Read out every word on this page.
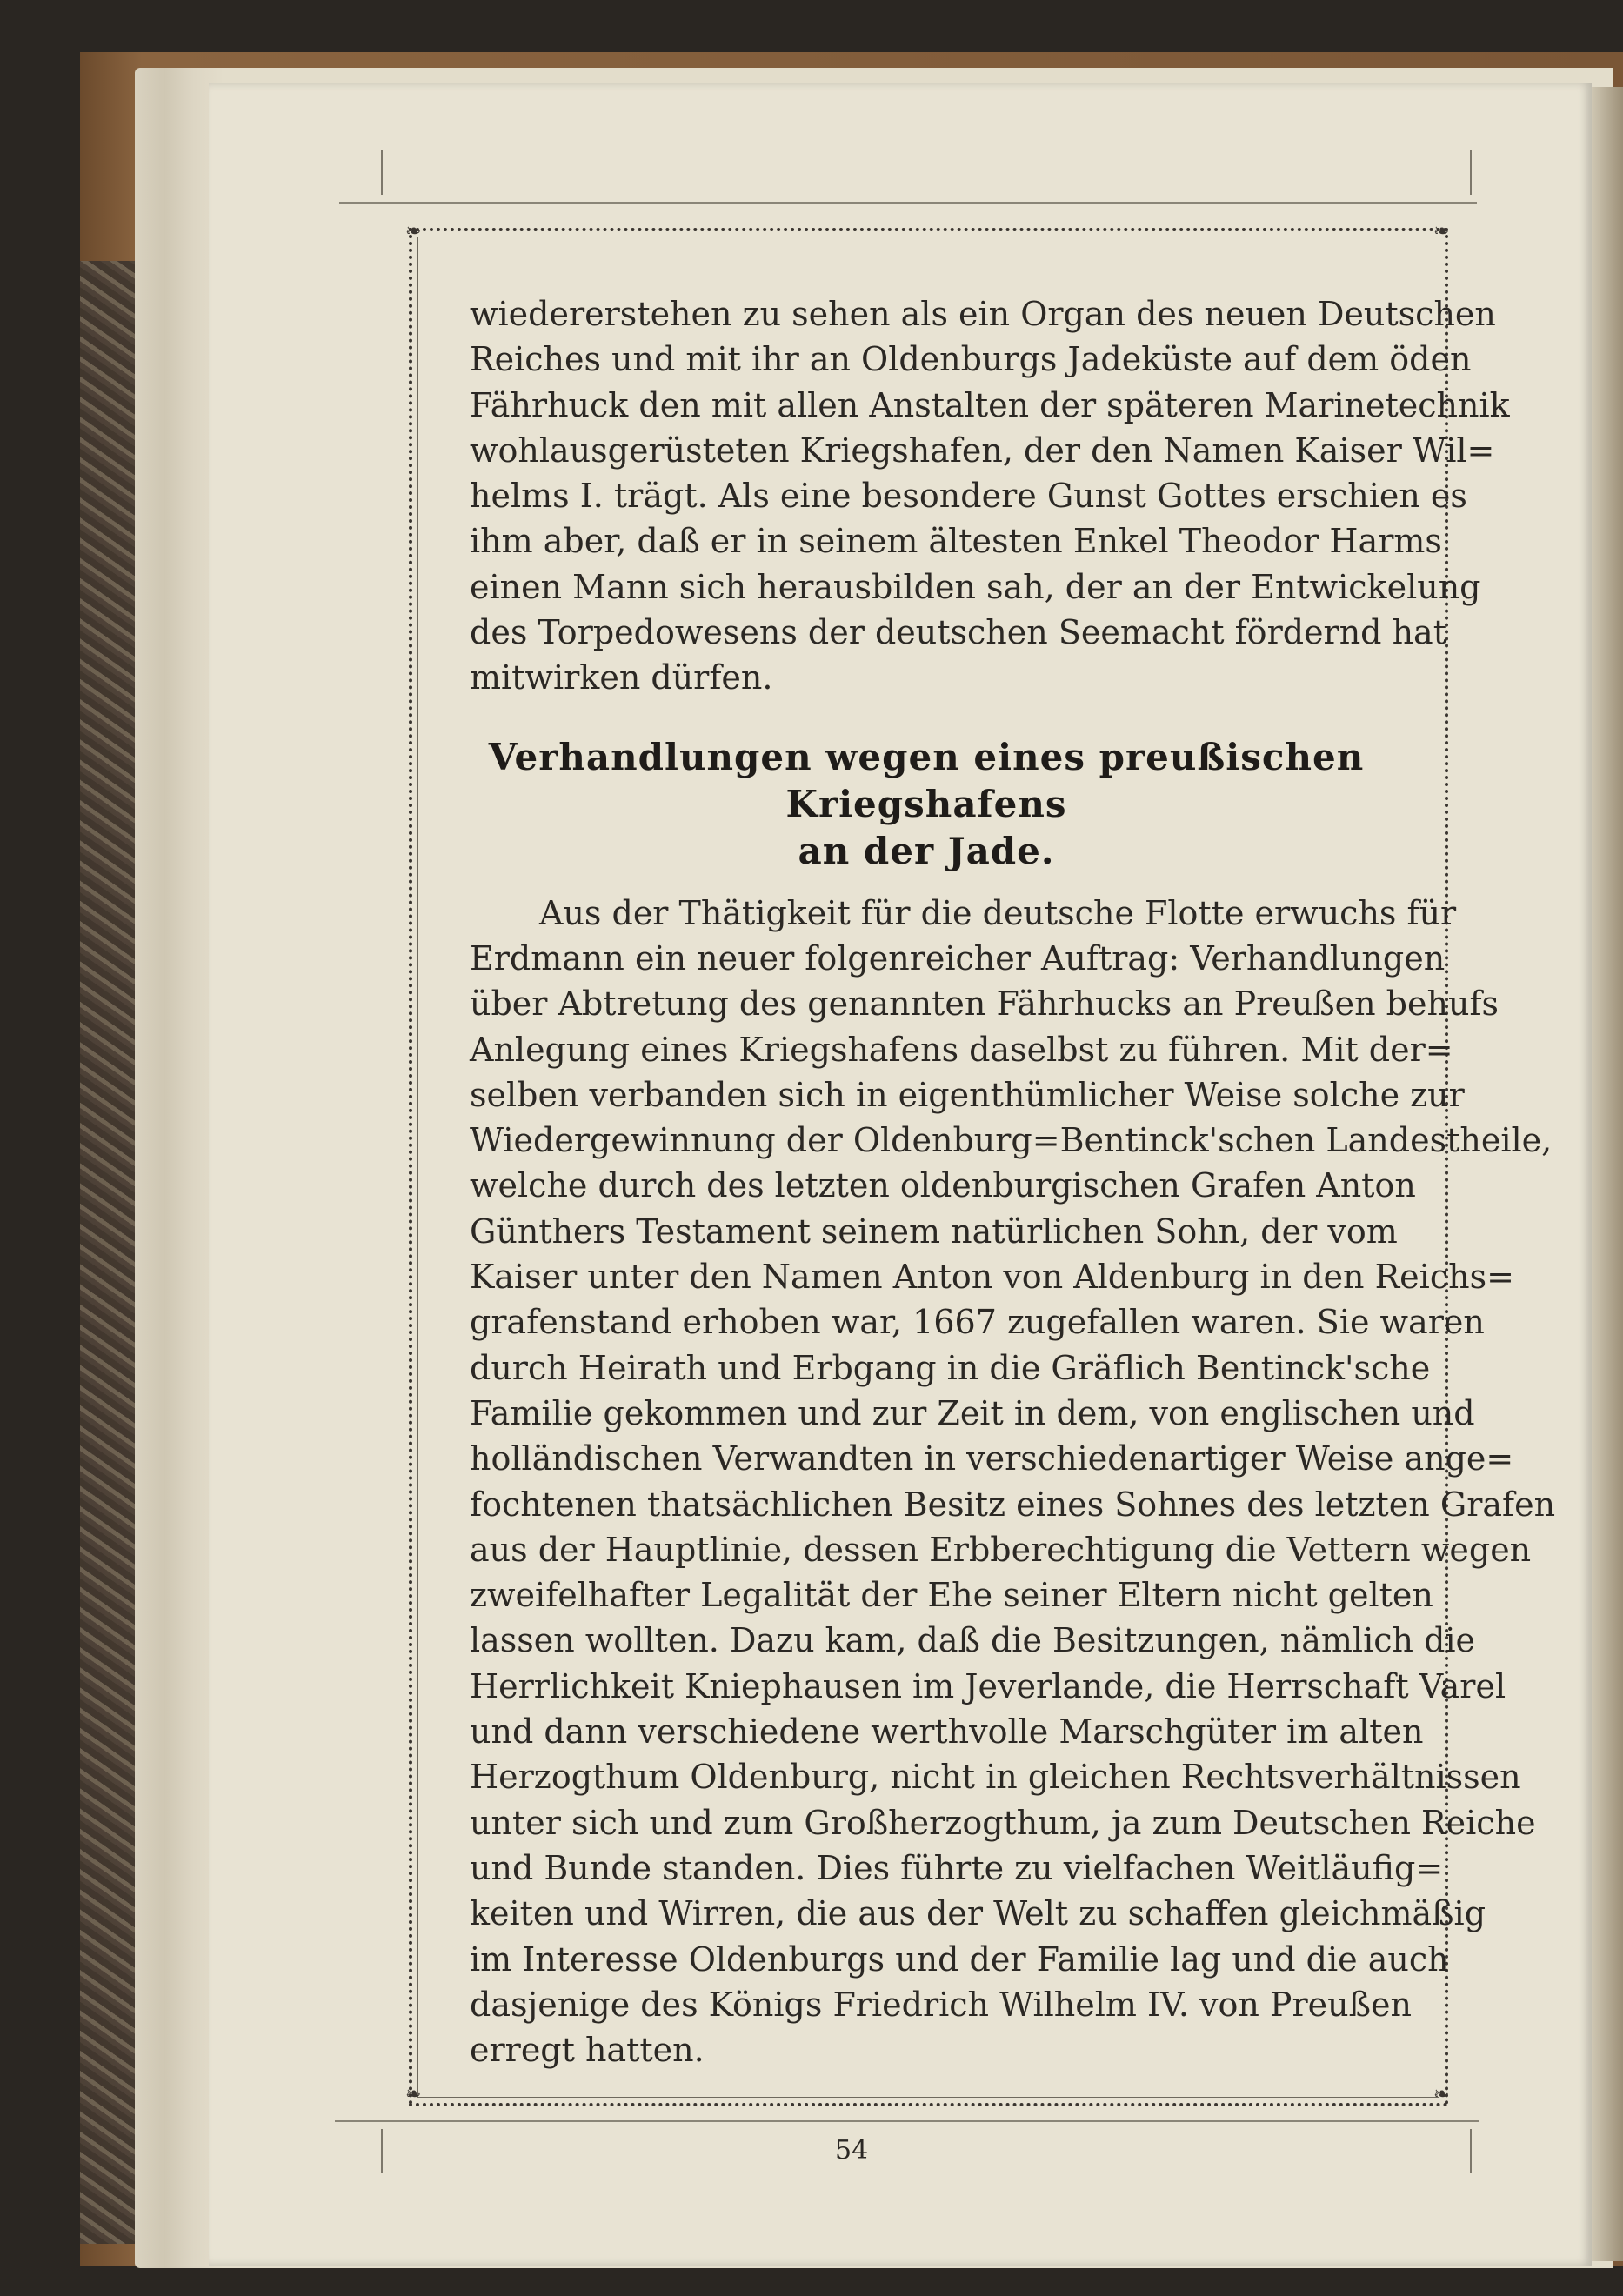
❧	❧
❧	❧
wiedererstehen zu sehen als ein Organ des neuen Deutschen
Reiches und mit ihr an Oldenburgs Jadeküste auf dem öden
Fährhuck den mit allen Anstalten der späteren Marinetechnik
wohlausgerüsteten Kriegshafen, der den Namen Kaiser Wil=
helms I. trägt. Als eine besondere Gunst Gottes erschien es
ihm aber, daß er in seinem ältesten Enkel Theodor Harms
einen Mann sich herausbilden sah, der an der Entwickelung
des Torpedowesens der deutschen Seemacht fördernd hat
mitwirken dürfen.
Verhandlungen wegen eines preußischen Kriegshafens
an der Jade.
Aus der Thätigkeit für die deutsche Flotte erwuchs für
Erdmann ein neuer folgenreicher Auftrag: Verhandlungen
über Abtretung des genannten Fährhucks an Preußen behufs
Anlegung eines Kriegshafens daselbst zu führen. Mit der=
selben verbanden sich in eigenthümlicher Weise solche zur
Wiedergewinnung der Oldenburg=Bentinck'schen Landestheile,
welche durch des letzten oldenburgischen Grafen Anton
Günthers Testament seinem natürlichen Sohn, der vom
Kaiser unter den Namen Anton von Aldenburg in den Reichs=
grafenstand erhoben war, 1667 zugefallen waren. Sie waren
durch Heirath und Erbgang in die Gräflich Bentinck'sche
Familie gekommen und zur Zeit in dem, von englischen und
holländischen Verwandten in verschiedenartiger Weise ange=
fochtenen thatsächlichen Besitz eines Sohnes des letzten Grafen
aus der Hauptlinie, dessen Erbberechtigung die Vettern wegen
zweifelhafter Legalität der Ehe seiner Eltern nicht gelten
lassen wollten. Dazu kam, daß die Besitzungen, nämlich die
Herrlichkeit Kniephausen im Jeverlande, die Herrschaft Varel
und dann verschiedene werthvolle Marschgüter im alten
Herzogthum Oldenburg, nicht in gleichen Rechtsverhältnissen
unter sich und zum Großherzogthum, ja zum Deutschen Reiche
und Bunde standen. Dies führte zu vielfachen Weitläufig=
keiten und Wirren, die aus der Welt zu schaffen gleichmäßig
im Interesse Oldenburgs und der Familie lag und die auch
dasjenige des Königs Friedrich Wilhelm IV. von Preußen
erregt hatten.
54
